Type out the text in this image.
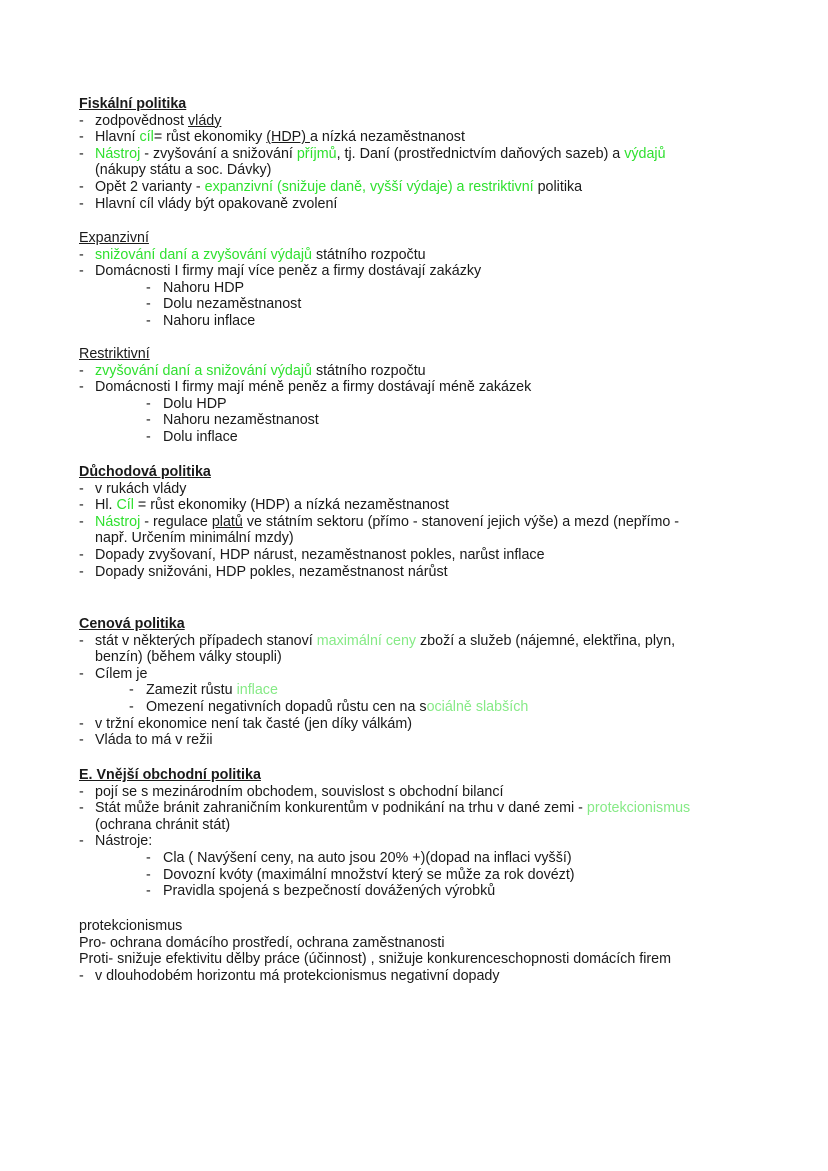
Fiskální politika
- zodpovědnost vlády
- Hlavní cíl= růst ekonomiky (HDP) a nízká nezaměstnanost
- Nástroj - zvyšování a snižování příjmů, tj. Daní (prostřednictvím daňových sazeb) a výdajů
(nákupy státu a soc. Dávky)
- Opět 2 varianty - expanzivní (snižuje daně, vyšší výdaje) a restriktivní politika
- Hlavní cíl vlády být opakovaně zvolení
Expanzivní
- snižování daní a zvyšování výdajů státního rozpočtu
- Domácnosti I firmy mají více peněz a firmy dostávají zakázky
- Nahoru HDP
- Dolu nezaměstnanost
- Nahoru inflace
Restriktivní
- zvyšování daní a snižování výdajů státního rozpočtu
- Domácnosti I firmy mají méně peněz a firmy dostávají méně zakázek
- Dolu HDP
- Nahoru nezaměstnanost
- Dolu inflace
Důchodová politika
- v rukách vlády
- Hl. Cíl = růst ekonomiky (HDP) a nízká nezaměstnanost
- Nástroj - regulace platů ve státním sektoru (přímo - stanovení jejich výše) a mezd (nepřímo -
např. Určením minimální mzdy)
- Dopady zvyšovaní, HDP nárust, nezaměstnanost pokles, narůst inflace
- Dopady snižováni, HDP pokles, nezaměstnanost nárůst
Cenová politika
- stát v některých případech stanoví maximální ceny zboží a služeb (nájemné, elektřina, plyn,
benzín) (během války stoupli)
- Cílem je
- Zamezit růstu inflace
- Omezení negativních dopadů růstu cen na sociálně slabších
- v tržní ekonomice není tak časté (jen díky válkám)
- Vláda to má v režii
E. Vnější obchodní politika
- pojí se s mezinárodním obchodem, souvislost s obchodní bilancí
- Stát může bránit zahraničním konkurentům v podnikání na trhu v dané zemi - protekcionismus
(ochrana chránit stát)
- Nástroje:
- Cla ( Navýšení ceny, na auto jsou 20% +)(dopad na inflaci vyšší)
- Dovozní kvóty (maximální množství který se může za rok dovézt)
- Pravidla spojená s bezpečností dovážených výrobků
protekcionismus
Pro- ochrana domácího prostředí, ochrana zaměstnanosti
Proti- snižuje efektivitu dělby práce (účinnost) , snižuje konkurenceschopnosti domácích firem
- v dlouhodobém horizontu má protekcionismus negativní dopady
